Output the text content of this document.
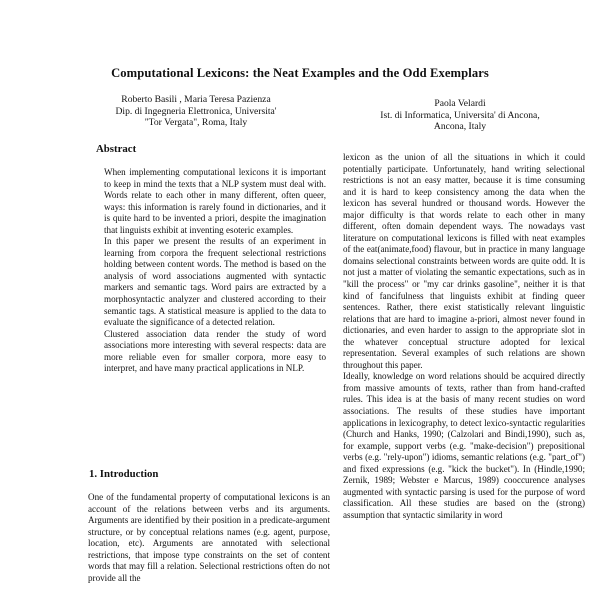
Computational Lexicons: the Neat Examples and the Odd Exemplars
Roberto Basili , Maria Teresa Pazienza
Dip. di Ingegneria Elettronica, Universita'
"Tor Vergata", Roma, Italy
Paola Velardi
Ist. di Informatica, Universita' di Ancona,
Ancona, Italy
Abstract

When implementing computational lexicons it is important to keep in mind the texts that a NLP system must deal with. Words relate to each other in many different, often queer, ways: this information is rarely found in dictionaries, and it is quite hard to be invented a priori, despite the imagination that linguists exhibit at inventing esoteric examples.

In this paper we present the results of an experiment in learning from corpora the frequent selectional restrictions holding between content words. The method is based on the analysis of word associations augmented with syntactic markers and semantic tags. Word pairs are extracted by a morphosyntactic analyzer and clustered according to their semantic tags. A statistical measure is applied to the data to evaluate the significance of a detected relation.

Clustered association data render the study of word associations more interesting with several respects: data are more reliable even for smaller corpora, more easy to interpret, and have many practical applications in NLP.

1. Introduction

One of the fundamental property of computational lexicons is an account of the relations between verbs and its arguments. Arguments are identified by their position in a predicate-argument structure, or by conceptual relations names (e.g. agent, purpose, location, etc). Arguments are annotated with selectional restrictions, that impose type constraints on the set of content words that may fill a relation. Selectional restrictions often do not provide all the

lexicon as the union of all the situations in which it could potentially participate. Unfortunately, hand writing selectional restrictions is not an easy matter, because it is time consuming and it is hard to keep consistency among the data when the lexicon has several hundred or thousand words. However the major difficulty is that words relate to each other in many different, often domain dependent ways. The nowadays vast literature on computational lexicons is filled with neat examples of the eat(animate,food) flavour, but in practice in many language domains selectional constraints between words are quite odd. It is not just a matter of violating the semantic expectations, such as in "kill the process" or "my car drinks gasoline", neither it is that kind of fancifulness that linguists exhibit at finding queer sentences. Rather, there exist statistically relevant linguistic relations that are hard to imagine a-priori, almost never found in dictionaries, and even harder to assign to the appropriate slot in the whatever conceptual structure adopted for lexical representation. Several examples of such relations are shown throughout this paper.

Ideally, knowledge on word relations should be acquired directly from massive amounts of texts, rather than from hand-crafted rules. This idea is at the basis of many recent studies on word associations. The results of these studies have important applications in lexicography, to detect lexico-syntactic regularities (Church and Hanks, 1990; (Calzolari and Bindi,1990), such as, for example, support verbs (e.g. "make-decision") prepositional verbs (e.g. "rely-upon") idioms, semantic relations (e.g. "part_of") and fixed expressions (e.g. "kick the bucket"). In (Hindle,1990; Zernik, 1989; Webster e Marcus, 1989) cooccurence analyses augmented with syntactic parsing is used for the purpose of word classification. All these studies are based on the (strong) assumption that syntactic similarity in word
